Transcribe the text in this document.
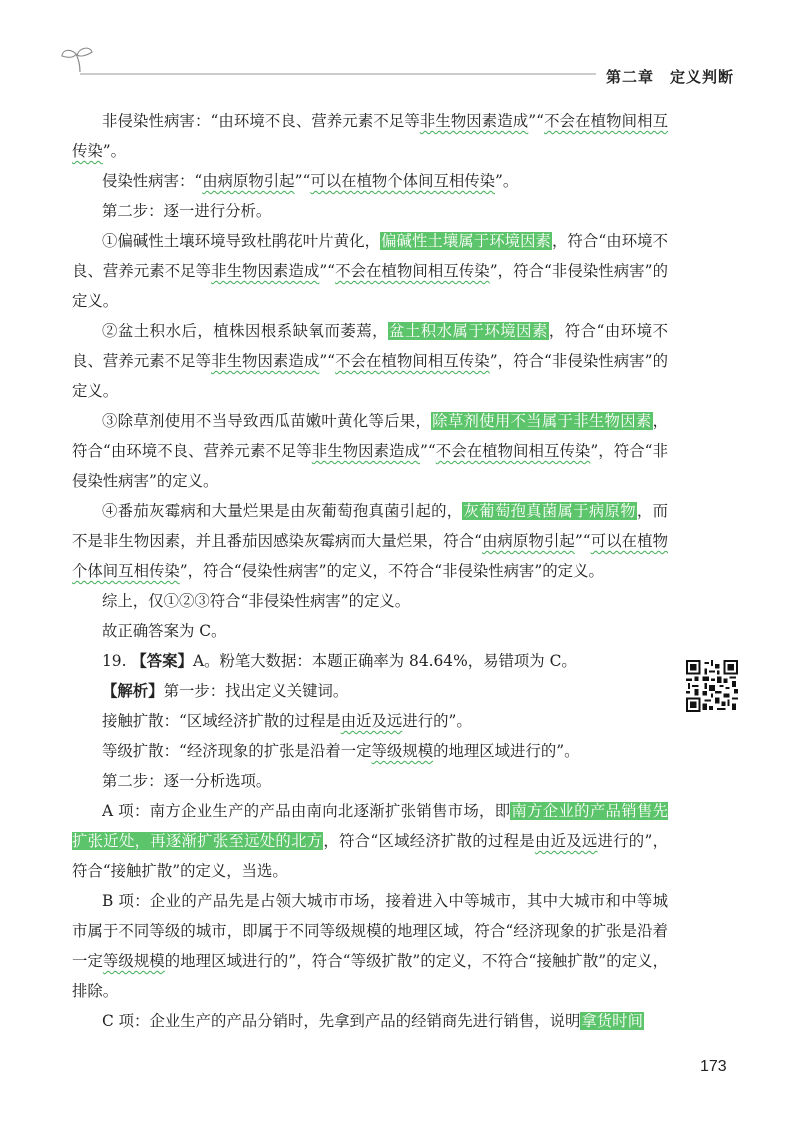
第二章　定义判断

非侵染性病害：“由环境不良、营养元素不足等非生物因素造成”“不会在植物间相互传染”。

侵染性病害：“由病原物引起”“可以在植物个体间互相传染”。

第二步：逐一进行分析。

①偏碱性土壤环境导致杜鹃花叶片黄化，偏碱性土壤属于环境因素，符合“由环境不良、营养元素不足等非生物因素造成”“不会在植物间相互传染”，符合“非侵染性病害”的定义。

②盆土积水后，植株因根系缺氧而萎蔫，盆土积水属于环境因素，符合“由环境不良、营养元素不足等非生物因素造成”“不会在植物间相互传染”，符合“非侵染性病害”的定义。

③除草剂使用不当导致西瓜苗嫩叶黄化等后果，除草剂使用不当属于非生物因素，符合“由环境不良、营养元素不足等非生物因素造成”“不会在植物间相互传染”，符合“非侵染性病害”的定义。

④番茄灰霉病和大量烂果是由灰葡萄孢真菌引起的，灰葡萄孢真菌属于病原物，而不是非生物因素，并且番茄因感染灰霉病而大量烂果，符合“由病原物引起”“可以在植物个体间互相传染”，符合“侵染性病害”的定义，不符合“非侵染性病害”的定义。

综上，仅①②③符合“非侵染性病害”的定义。

故正确答案为 C。

19. 【答案】A。粉笔大数据：本题正确率为 84.64%，易错项为 C。

【解析】第一步：找出定义关键词。

接触扩散：“区域经济扩散的过程是由近及远进行的”。

等级扩散：“经济现象的扩张是沿着一定等级规模的地理区域进行的”。

第二步：逐一分析选项。

A 项：南方企业生产的产品由南向北逐渐扩张销售市场，即南方企业的产品销售先扩张近处，再逐渐扩张至远处的北方，符合“区域经济扩散的过程是由近及远进行的”，符合“接触扩散”的定义，当选。

B 项：企业的产品先是占领大城市市场，接着进入中等城市，其中大城市和中等城市属于不同等级的城市，即属于不同等级规模的地理区域，符合“经济现象的扩张是沿着一定等级规模的地理区域进行的”，符合“等级扩散”的定义，不符合“接触扩散”的定义，排除。

C 项：企业生产的产品分销时，先拿到产品的经销商先进行销售，说明拿货时间

173
